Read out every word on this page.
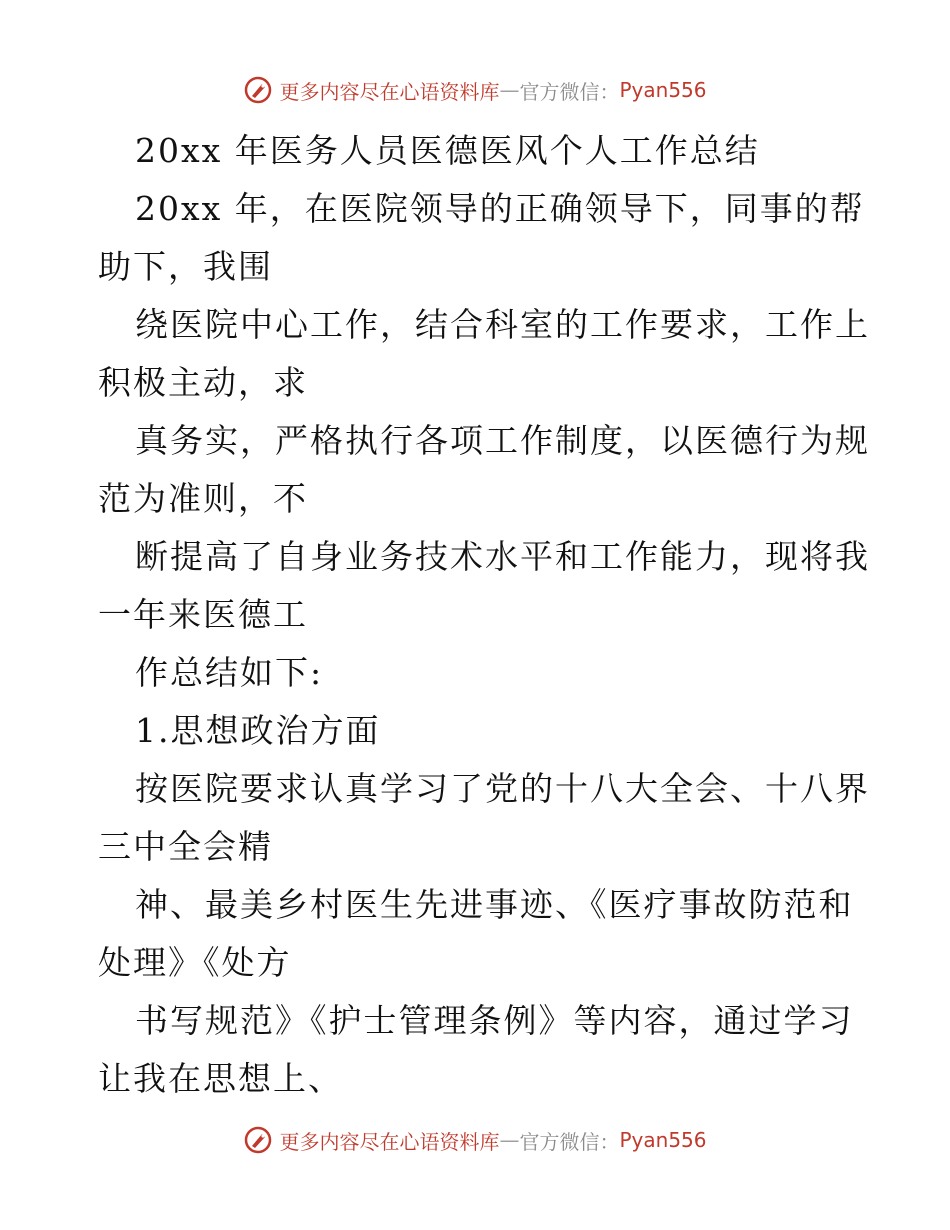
更多内容尽在心语资料库 — 官方微信： Pyan556
20xx 年医务人员医德医风个人工作总结
20xx 年，在医院领导的正确领导下，同事的帮
助下，我围
绕医院中心工作，结合科室的工作要求，工作上
积极主动，求
真务实，严格执行各项工作制度，以医德行为规
范为准则，不
断提高了自身业务技术水平和工作能力，现将我
一年来医德工
作总结如下:
1.思想政治方面
按医院要求认真学习了党的十八大全会、十八界
三中全会精
神、最美乡村医生先进事迹、《医疗事故防范和
处理》《处方
书写规范》《护士管理条例》等内容，通过学习
让我在思想上、
更多内容尽在心语资料库 — 官方微信： Pyan556
